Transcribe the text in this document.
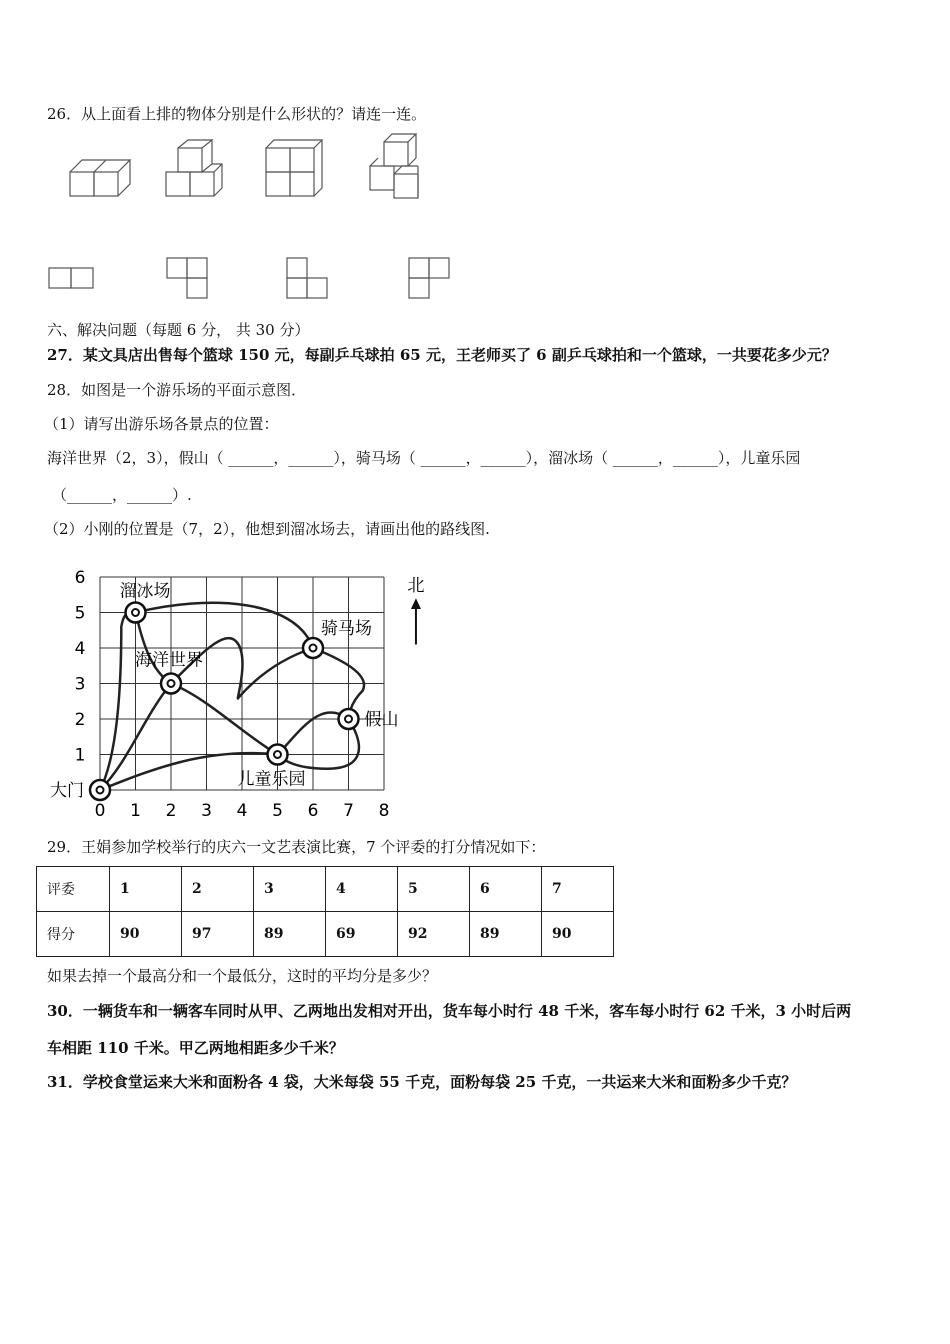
26．从上面看上排的物体分别是什么形状的？请连一连。
六、解决问题（每题 6 分， 共 30 分）
27．某文具店出售每个篮球 150 元，每副乒乓球拍 65 元，王老师买了 6 副乒乓球拍和一个篮球，一共要花多少元？
28．如图是一个游乐场的平面示意图．
（1）请写出游乐场各景点的位置：
海洋世界（2，3），假山（ ______，______），骑马场（ ______，______），溜冰场（ ______，______），儿童乐园
（______，______）.
（2）小刚的位置是（7，2），他想到溜冰场去，请画出他的路线图.
0 1 2 3 4 5 6 7 8
1
2
3
4
5
6
溜冰场
骑马场
海洋世界
假山
儿童乐园
大门
北
29．王娟参加学校举行的庆六一文艺表演比赛，7 个评委的打分情况如下：
评委	1	2	3	4	5	6	7
得分	90	97	89	69	92	89	90
如果去掉一个最高分和一个最低分，这时的平均分是多少？
30．一辆货车和一辆客车同时从甲、乙两地出发相对开出，货车每小时行 48 千米，客车每小时行 62 千米，3 小时后两
车相距 110 千米。甲乙两地相距多少千米？
31．学校食堂运来大米和面粉各 4 袋，大米每袋 55 千克，面粉每袋 25 千克，一共运来大米和面粉多少千克？
